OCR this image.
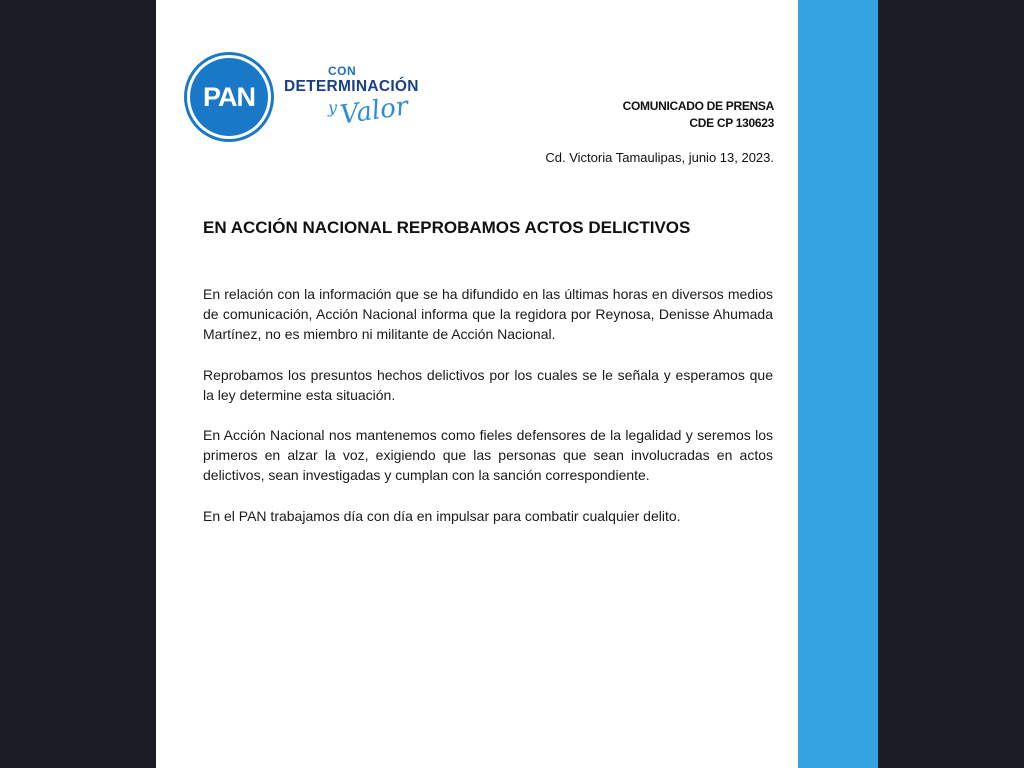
PAN
CON
DETERMINACIÓN
y Valor	COMUNICADO DE PRENSA
CDE CP 130623
Cd. Victoria Tamaulipas, junio 13, 2023.
EN ACCIÓN NACIONAL REPROBAMOS ACTOS DELICTIVOS

En relación con la información que se ha difundido en las últimas horas en diversos medios de comunicación, Acción Nacional informa que la regidora por Reynosa, Denisse Ahumada Martínez, no es miembro ni militante de Acción Nacional.

Reprobamos los presuntos hechos delictivos por los cuales se le señala y esperamos que la ley determine esta situación.

En Acción Nacional nos mantenemos como fieles defensores de la legalidad y seremos los primeros en alzar la voz, exigiendo que las personas que sean involucradas en actos delictivos, sean investigadas y cumplan con la sanción correspondiente.

En el PAN trabajamos día con día en impulsar para combatir cualquier delito.
